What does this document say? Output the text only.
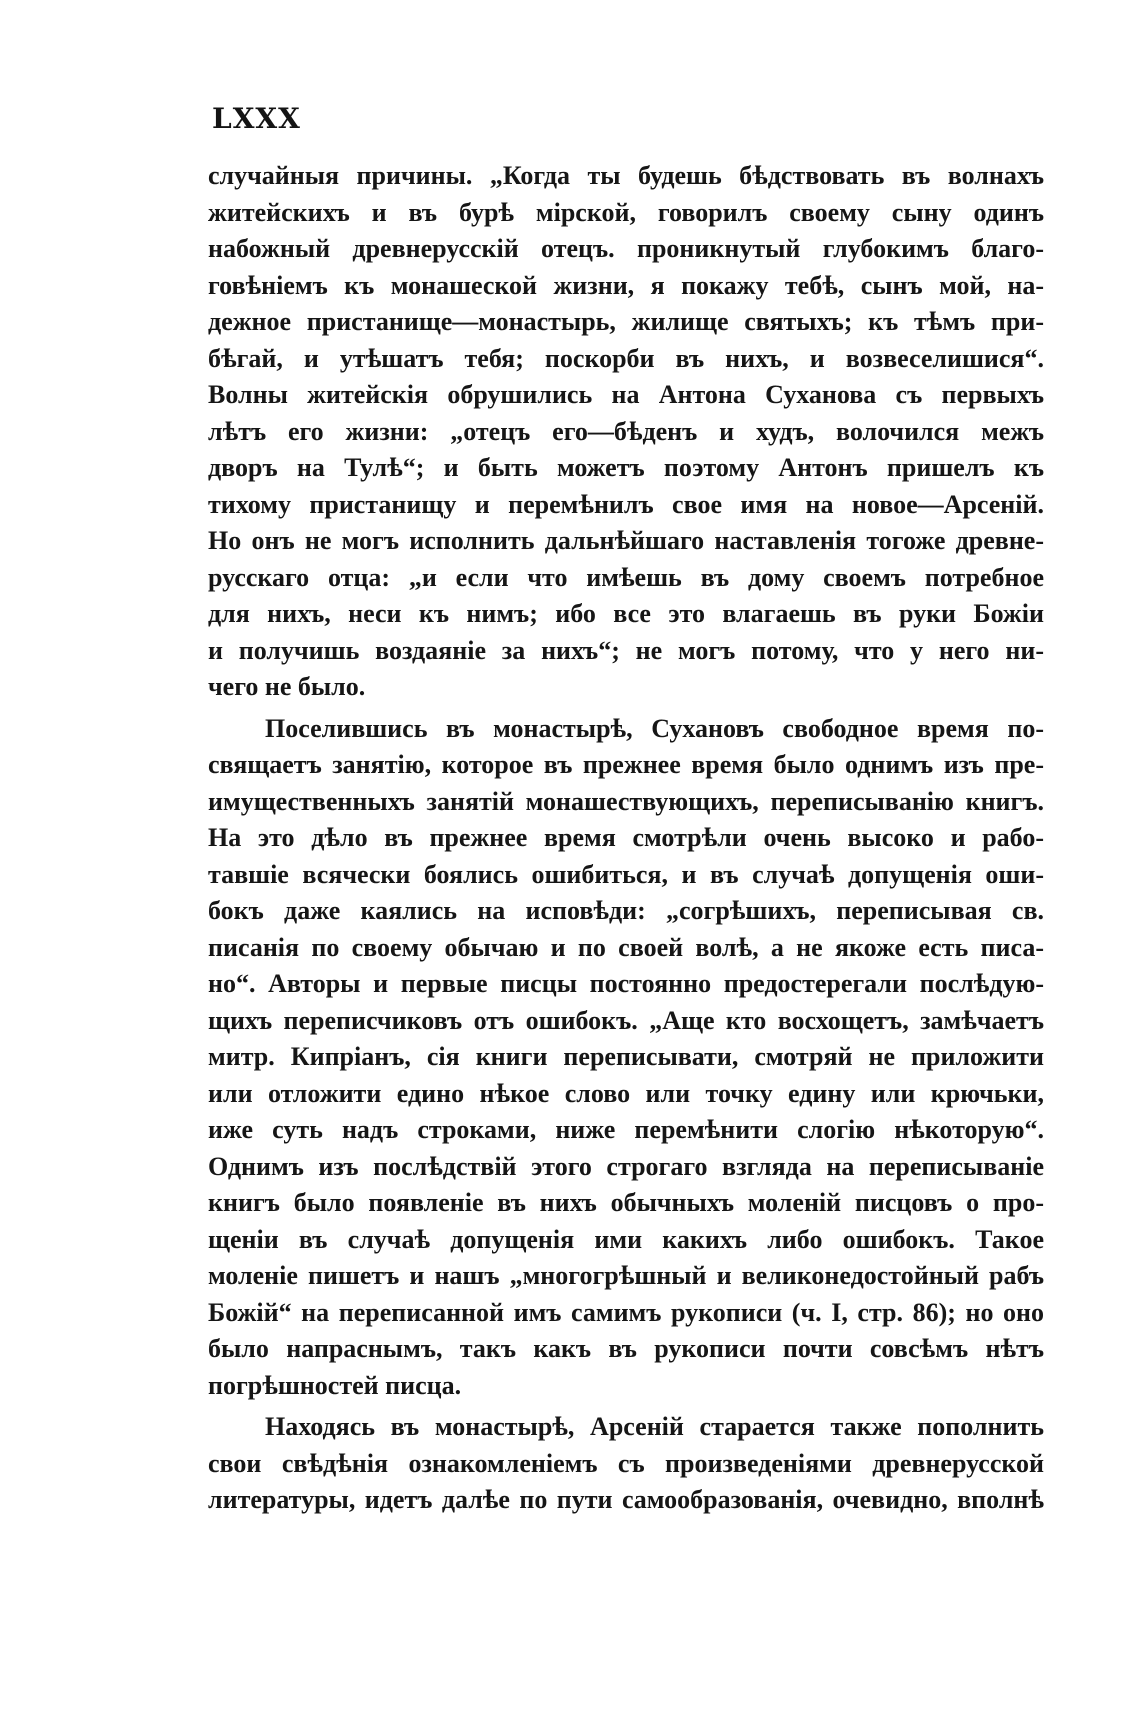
LXXX
случайныя причины. „Когда ты будешь бѣдствовать въ волнахъ
житейскихъ и въ бурѣ мірской, говорилъ своему сыну одинъ
набожный древнерусскій отецъ. проникнутый глубокимъ благо-
говѣніемъ къ монашеской жизни, я покажу тебѣ, сынъ мой, на-
дежное пристанище—монастырь, жилище святыхъ; къ тѣмъ при-
бѣгай, и утѣшатъ тебя; поскорби въ нихъ, и возвеселишися“.
Волны житейскія обрушились на Антона Суханова съ первыхъ
лѣтъ его жизни: „отецъ его—бѣденъ и худъ, волочился межъ
дворъ на Тулѣ“; и быть можетъ поэтому Антонъ пришелъ къ
тихому пристанищу и перемѣнилъ свое имя на новое—Арсеній.
Но онъ не могъ исполнить дальнѣйшаго наставленія тогоже древне-
русскаго отца: „и если что имѣешь въ дому своемъ потребное
для нихъ, неси къ нимъ; ибо все это влагаешь въ руки Божіи
и получишь воздаяніе за нихъ“; не могъ потому, что у него ни-
чего не было.
Поселившись въ монастырѣ, Сухановъ свободное время по-
свящаетъ занятію, которое въ прежнее время было однимъ изъ пре-
имущественныхъ занятій монашествующихъ, переписыванію книгъ.
На это дѣло въ прежнее время смотрѣли очень высоко и рабо-
тавшіе всячески боялись ошибиться, и въ случаѣ допущенія оши-
бокъ даже каялись на исповѣди: „согрѣшихъ, переписывая св.
писанія по своему обычаю и по своей волѣ, а не якоже есть писа-
но“. Авторы и первые писцы постоянно предостерегали послѣдую-
щихъ переписчиковъ отъ ошибокъ. „Аще кто восхощетъ, замѣчаетъ
митр. Кипріанъ, сія книги переписывати, смотряй не приложити
или отложити едино нѣкое слово или точку едину или крючьки,
иже суть надъ строками, ниже перемѣнити слогію нѣкоторую“.
Однимъ изъ послѣдствій этого строгаго взгляда на переписываніе
книгъ было появленіе въ нихъ обычныхъ моленій писцовъ о про-
щеніи въ случаѣ допущенія ими какихъ либо ошибокъ. Такое
моленіе пишетъ и нашъ „многогрѣшный и великонедостойный рабъ
Божій“ на переписанной имъ самимъ рукописи (ч. I, стр. 86); но оно
было напраснымъ, такъ какъ въ рукописи почти совсѣмъ нѣтъ
погрѣшностей писца.
Находясь въ монастырѣ, Арсеній старается также пополнить
свои свѣдѣнія ознакомленіемъ съ произведеніями древнерусской
литературы, идетъ далѣе по пути самообразованія, очевидно, вполнѣ
